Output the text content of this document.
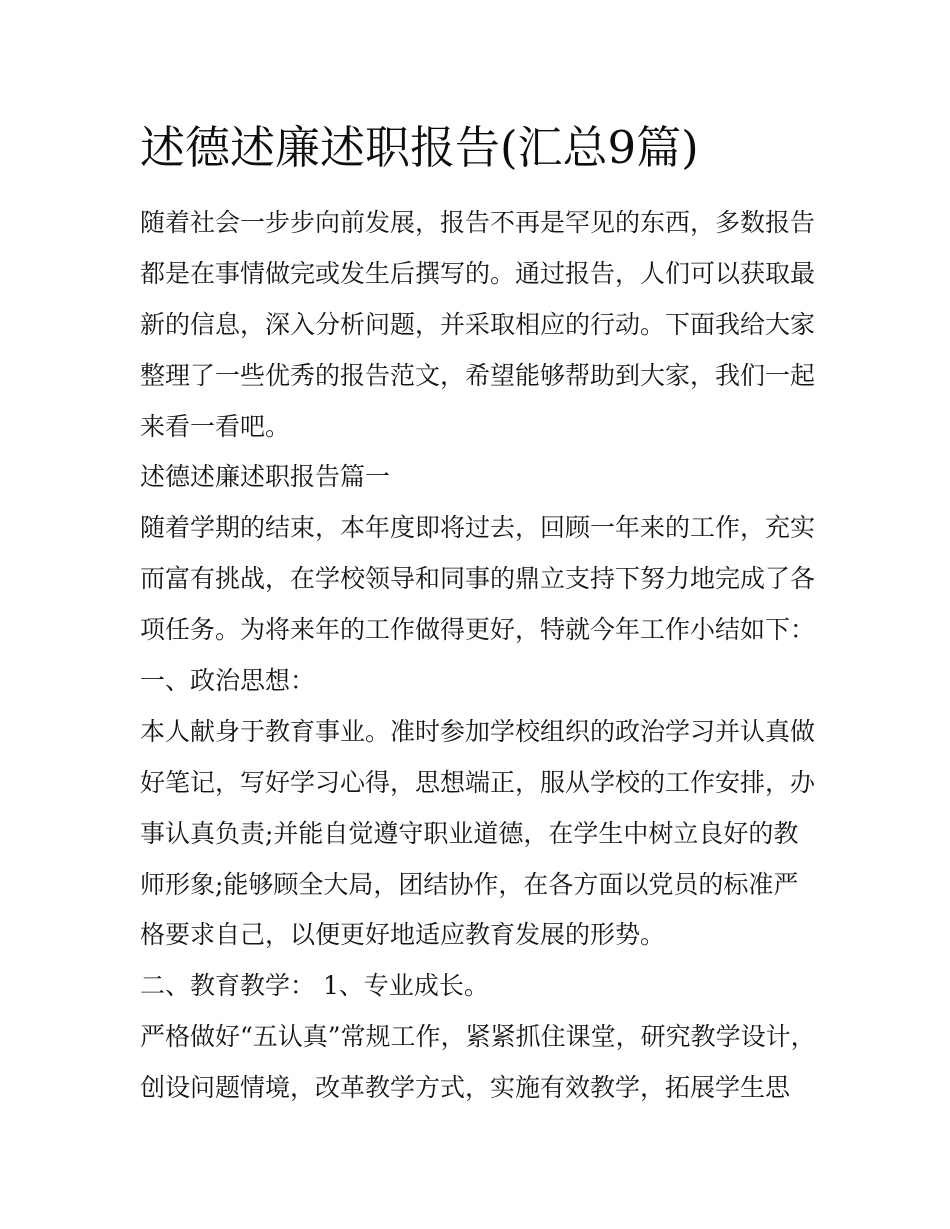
述德述廉述职报告(汇总9篇)

随着社会一步步向前发展，报告不再是罕见的东西，多数报告

都是在事情做完或发生后撰写的。通过报告，人们可以获取最

新的信息，深入分析问题，并采取相应的行动。下面我给大家

整理了一些优秀的报告范文，希望能够帮助到大家，我们一起

来看一看吧。

述德述廉述职报告篇一

随着学期的结束，本年度即将过去，回顾一年来的工作，充实

而富有挑战，在学校领导和同事的鼎立支持下努力地完成了各

项任务。为将来年的工作做得更好，特就今年工作小结如下：

一、政治思想：

本人献身于教育事业。准时参加学校组织的政治学习并认真做

好笔记，写好学习心得，思想端正，服从学校的工作安排，办

事认真负责;并能自觉遵守职业道德，在学生中树立良好的教

师形象;能够顾全大局，团结协作，在各方面以党员的标准严

格要求自己，以便更好地适应教育发展的形势。

二、教育教学： 1、专业成长。

严格做好“五认真”常规工作，紧紧抓住课堂，研究教学设计，

创设问题情境，改革教学方式，实施有效教学，拓展学生思
